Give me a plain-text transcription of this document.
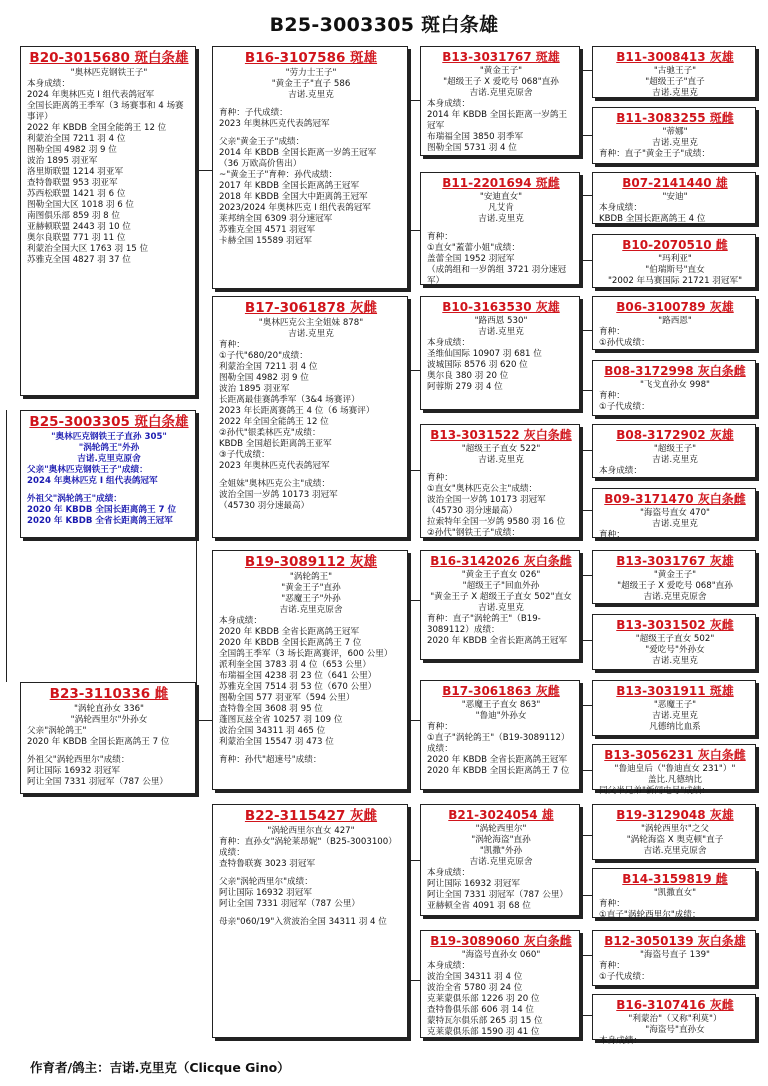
B25-3003305 斑白条雄
B20-3015680 斑白条雄
"奥林匹克钢铁王子"
本身成绩：
2024 年奥林匹克 I 组代表鸽冠军
全国长距离鸽王季军（3 场赛事和 4 场赛事评）
2022 年 KBDB 全国全能鸽王 12 位
利蒙治全国 7211 羽 4 位
图勒全国 4982 羽 9 位
波治 1895 羽亚军
洛里斯联盟 1214 羽亚军
查特鲁联盟 953 羽亚军
苏西松联盟 1421 羽 6 位
图勒全国大区 1018 羽 6 位
南图俱乐部 859 羽 8 位
亚赫顿联盟 2443 羽 10 位
奥尔良联盟 771 羽 11 位
利蒙治全国大区 1763 羽 15 位
苏雅克全国 4827 羽 37 位
B16-3107586 斑雄
"劳力士王子"
"黄金王子"直子 586
吉诺.克里克
育种：子代成绩：
2023 年奥林匹克代表鸽冠军
父亲"黄金王子"成绩：
2014 年 KBDB 全国长距离一岁鸽王冠军
（36 万欧高价售出）
~"黄金王子"育种：孙代成绩：
2017 年 KBDB 全国长距离鸽王冠军
2018 年 KBDB 全国大中距离鸽王冠军
2023/2024 年奥林匹克 I 组代表鸽冠军
莱邦纳全国 6309 羽分速冠军
苏雅克全国 4571 羽冠军
卡赫全国 15589 羽冠军
B13-3031767 斑雄
"黄金王子"
"超级王子 X 爱吃号 068"直孙
吉诺.克里克原舍
本身成绩：
2014 年 KBDB 全国长距离一岁鸽王冠军
布瑞福全国 3850 羽季军
图勒全国 5731 羽 4 位
B11-3008413 灰雄
"古驰王子"
"超级王子"直子
吉诺.克里克
B11-3083255 斑雌
"蒂娜"
吉诺.克里克
育种：直子"黄金王子"成绩：
B11-2201694 斑雌
"安迪直女"
凡艾肯
吉诺.克里克
育种：
①直女"蓋蕾小姐"成绩：
盖蕾全国 1952 羽冠军
（成鸽组和一岁鸽组 3721 羽分速冠军）
B07-2141440 雄
"安迪"
本身成绩：
KBDB 全国长距离鸽王 4 位
B10-2070510 雌
"玛利亚"
"伯瑞斯号"直女
"2002 年马赛国际 21721 羽冠军"
B25-3003305 斑白条雄
"奥林匹克钢铁王子直孙 305"
"涡轮鸽王"外孙
吉诺.克里克原舍
父亲"奥林匹克钢铁王子"成绩：
2024 年奥林匹克 I 组代表鸽冠军
外祖父"涡轮鸽王"成绩：
2020 年 KBDB 全国长距离鸽王 7 位
2020 年 KBDB 全省长距离鸽王冠军
B17-3061878 灰雌
"奥林匹克公主全姐妹 878"
吉诺.克里克
育种：
①子代"680/20"成绩：
利蒙治全国 7211 羽 4 位
图勒全国 4982 羽 9 位
波治 1895 羽亚军
长距离最佳赛鸽季军（3&4 场赛评）
2023 年长距离赛鸽王 4 位（6 场赛评）
2022 年全国全能鸽王 12 位
②孙代"银柔林匹克"成绩：
KBDB 全国超长距离鸽王亚军
③子代成绩：
2023 年奥林匹克代表鸽冠军
全姐妹"奥林匹克公主"成绩：
波治全国一岁鸽 10173 羽冠军
（45730 羽分速最高）
B10-3163530 灰雄
"路西恩 530"
吉诺.克里克
本身成绩：
圣维仙国际 10907 羽 681 位
波城国际 8576 羽 620 位
奥尔良 380 羽 20 位
阿蓉斯 279 羽 4 位
B06-3100789 灰雄
"路西恩"
育种：
①孙代成绩：
B08-3172998 灰白条雌
"飞戈直孙女 998"
育种：
①子代成绩：
B13-3031522 灰白条雌
"超级王子直女 522"
吉诺.克里克
育种：
①直女"奥林匹克公主"成绩：
波治全国一岁鸽 10173 羽冠军
（45730 羽分速最高）
拉索特年全国一岁鸽 9580 羽 16 位
②孙代"钢铁王子"成绩：
B08-3172902 灰雄
"超级王子"
吉诺.克里克
本身成绩：
B09-3171470 灰白条雌
"海盗号直女 470"
吉诺.克里克
育种：
B19-3089112 灰雄
"涡轮鸽王"
"黄金王子"直孙
"恶魔王子"外孙
吉诺.克里克原舍
本身成绩：
2020 年 KBDB 全省长距离鸽王冠军
2020 年 KBDB 全国长距离鸽王 7 位
全国鸽王季军（3 场长距离赛评，600 公里）
派利奎全国 3783 羽 4 位（653 公里）
布瑞福全国 4238 羽 23 位（641 公里）
苏雅克全国 7514 羽 53 位（670 公里）
图勒全国 577 羽亚军（594 公里）
查特鲁全国 3608 羽 95 位
蓬图瓦兹全省 10257 羽 109 位
波治全国 34311 羽 465 位
利蒙治全国 15547 羽 473 位
育种：孙代"超速号"成绩：
B16-3142026 灰白条雌
"黄金王子直女 026"
"超级王子"回血外孙
"黄金王子 X 超级王子直女 502"直女
吉诺.克里克
育种：直子"涡轮鸽王"（B19-3089112）成绩：
2020 年 KBDB 全省长距离鸽王冠军
B13-3031767 灰雄
"黄金王子"
"超级王子 X 爱吃号 068"直孙
吉诺.克里克原舍
B13-3031502 灰雌
"超级王子直女 502"
"爱吃号"外孙女
吉诺.克里克
B23-3110336 雌
"涡轮直孙女 336"
"涡轮西里尔"外孙女
父亲"涡轮鸽王"
2020 年 KBDB 全国长距离鸽王 7 位
外祖父"涡轮西里尔"成绩：
阿让国际 16932 羽冠军
阿让全国 7331 羽冠军（787 公里）
B17-3061863 灰雌
"恶魔王子直女 863"
"鲁迪"外孙女
育种：
①直子"涡轮鸽王"（B19-3089112）成绩：
2020 年 KBDB 全省长距离鸽王冠军
2020 年 KBDB 全国长距离鸽王 7 位
B13-3031911 斑雄
"恶魔王子"
吉诺.克里克
凡德纳比血系
B13-3056231 灰白条雌
"鲁迪皇后（"鲁迪直女 231"）"
盖比.凡德纳比
同父半兄弟"新闻电号"成绩：
B22-3115427 灰雌
"涡轮西里尔直女 427"
育种：直孙女"涡轮莱昂妮"（B25-3003100）成绩：
查特鲁联赛 3023 羽冠军
父亲"涡轮西里尔"成绩：
阿让国际 16932 羽冠军
阿让全国 7331 羽冠军（787 公里）
母亲"060/19"入赏波治全国 34311 羽 4 位
B21-3024054 雄
"涡轮西里尔"
"涡轮海盗"直孙
"凯撒"外孙
吉诺.克里克原舍
本身成绩：
阿让国际 16932 羽冠军
阿让全国 7331 羽冠军（787 公里）
亚赫顿全省 4091 羽 68 位
B19-3129048 灰雄
"涡轮西里尔"之父
"涡轮海盗 X 奥克顿"直子
吉诺.克里克原舍
B14-3159819 雌
"凯撒直女"
育种：
①直子"涡轮西里尔"成绩：
B19-3089060 灰白条雌
"海盗号直孙女 060"
本身成绩：
波治全国 34311 羽 4 位
波治全省 5780 羽 24 位
克莱蒙俱乐部 1226 羽 20 位
查特鲁俱乐部 606 羽 14 位
蒙特瓦尔俱乐部 265 羽 15 位
克莱蒙俱乐部 1590 羽 41 位
B12-3050139 灰白条雄
"海盗号直子 139"
育种：
①子代成绩：
B16-3107416 灰雌
"利蒙治"（又称"利莫"）
"海盗号"直孙女
本身成绩：
作育者/鸽主：吉诺.克里克（Clicque Gino）
